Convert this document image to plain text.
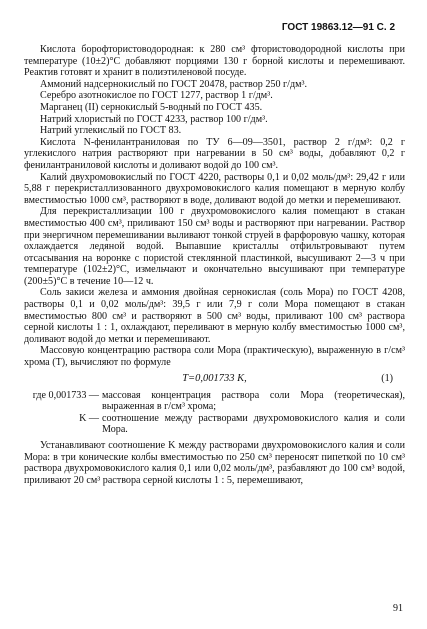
ГОСТ 19863.12—91 С. 2

Кислота борофтористоводородная: к 280 см³ фтористоводородной кислоты при температуре (10±2)°С добавляют порциями 130 г борной кислоты и перемешивают. Реактив готовят и хранит в полиэтиленовой посуде.

Аммоний надсернокислый по ГОСТ 20478, раствор 250 г/дм³.

Серебро азотнокислое по ГОСТ 1277, раствор 1 г/дм³.

Марганец (II) сернокислый 5-водный по ГОСТ 435.

Натрий хлористый по ГОСТ 4233, раствор 100 г/дм³.

Натрий углекислый по ГОСТ 83.

Кислота N-фенилантраниловая по ТУ 6—09—3501, раствор 2 г/дм³: 0,2 г углекислого натрия растворяют при нагревании в 50 см³ воды, добавляют 0,2 г фенилантраниловой кислоты и доливают водой до 100 см³.

Калий двухромовокислый по ГОСТ 4220, растворы 0,1 и 0,02 моль/дм³: 29,42 г или 5,88 г перекристаллизованного двухромовокислого калия помещают в мерную колбу вместимостью 1000 см³, растворяют в воде, доливают водой до метки и перемешивают.

Для перекристаллизации 100 г двухромовокислого калия помещают в стакан вместимостью 400 см³, приливают 150 см³ воды и растворяют при нагревании. Раствор при энергичном перемешивании выливают тонкой струей в фарфоровую чашку, которая охлаждается ледяной водой. Выпавшие кристаллы отфильтровывают путем отсасывания на воронке с пористой стеклянной пластинкой, высушивают 2—3 ч при температуре (102±2)°С, измельчают и окончательно высушивают при температуре (200±5)°С в течение 10—12 ч.

Соль закиси железа и аммония двойная сернокислая (соль Мора) по ГОСТ 4208, растворы 0,1 и 0,02 моль/дм³: 39,5 г или 7,9 г соли Мора помещают в стакан вместимостью 800 см³ и растворяют в 500 см³ воды, приливают 100 см³ раствора серной кислоты 1 : 1, охлаждают, переливают в мерную колбу вместимостью 1000 см³, доливают водой до метки и перемешивают.

Массовую концентрацию раствора соли Мора (практическую), выраженную в г/см³ хрома (Т), вычисляют по формуле

T=0,001733 K,	(1)
где 0,001733 — массовая концентрация раствора соли Мора (теоретическая), выраженная в г/см³ хрома;
K — соотношение между растворами двухромовокислого калия и соли Мора.

Устанавливают соотношение K между растворами двухромовокислого калия и соли Мора: в три конические колбы вместимостью по 250 см³ переносят пипеткой по 10 см³ раствора двухромовокислого калия 0,1 или 0,02 моль/дм³, разбавляют до 100 см³ водой, приливают 20 см³ раствора серной кислоты 1 : 5, перемешивают,

91
